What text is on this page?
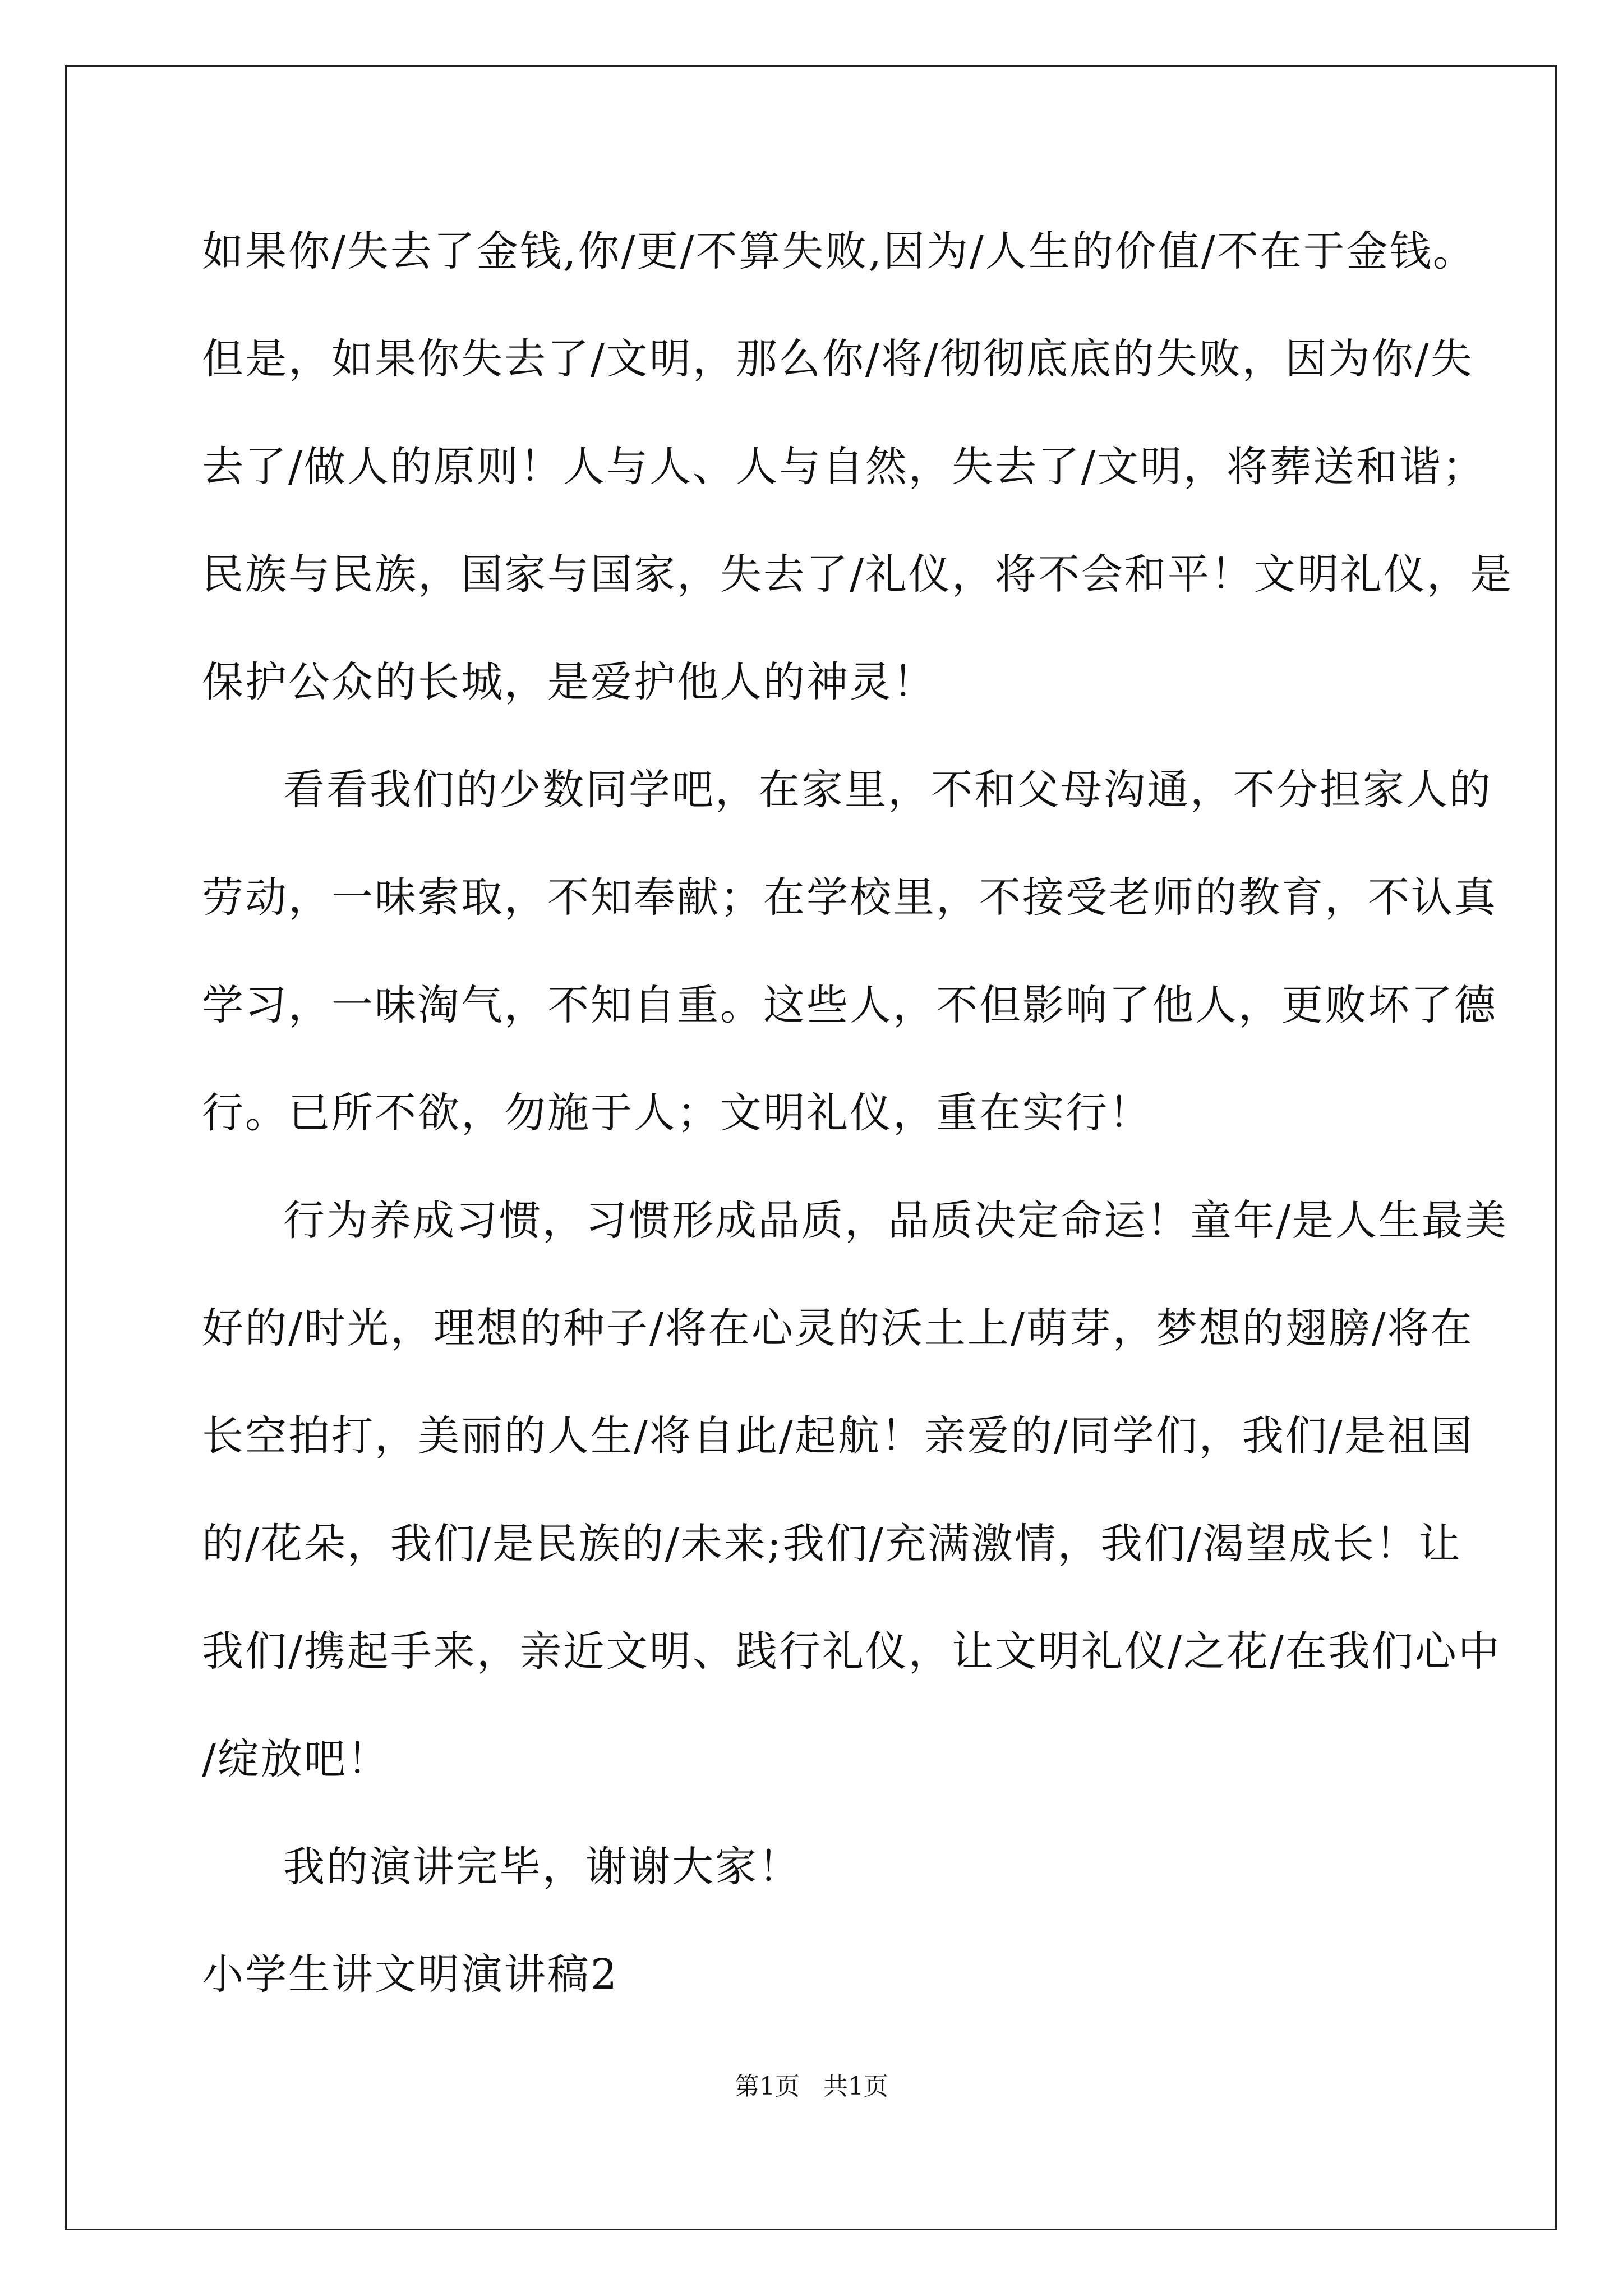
如果你/失去了金钱,你/更/不算失败,因为/人生的价值/不在于金钱。
但是，如果你失去了/文明，那么你/将/彻彻底底的失败，因为你/失
去了/做人的原则！人与人、人与自然，失去了/文明，将葬送和谐；
民族与民族，国家与国家，失去了/礼仪，将不会和平！文明礼仪，是
保护公众的长城，是爱护他人的神灵！
看看我们的少数同学吧，在家里，不和父母沟通，不分担家人的
劳动，一味索取，不知奉献；在学校里，不接受老师的教育，不认真
学习，一味淘气，不知自重。这些人，不但影响了他人，更败坏了德
行。已所不欲，勿施于人；文明礼仪，重在实行！
行为养成习惯，习惯形成品质，品质决定命运！童年/是人生最美
好的/时光，理想的种子/将在心灵的沃土上/萌芽，梦想的翅膀/将在
长空拍打，美丽的人生/将自此/起航！亲爱的/同学们，我们/是祖国
的/花朵，我们/是民族的/未来;我们/充满激情，我们/渴望成长！让
我们/携起手来，亲近文明、践行礼仪，让文明礼仪/之花/在我们心中
/绽放吧！
我的演讲完毕，谢谢大家！
小学生讲文明演讲稿2
第1页   共1页
